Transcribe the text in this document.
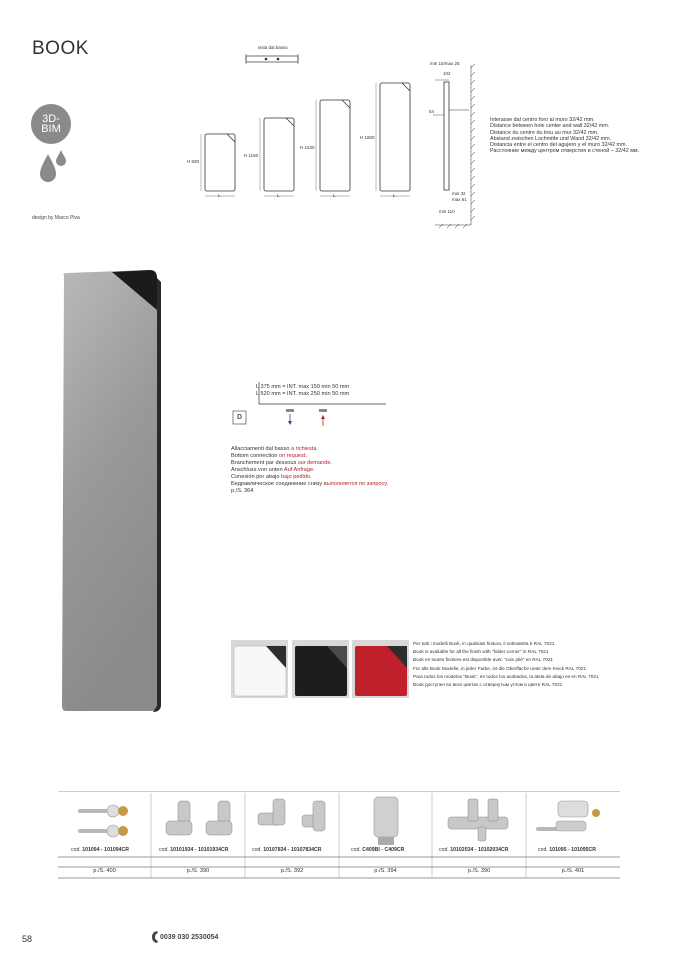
BOOK
3D-
BIM
design by Marco Piva
vista dal basso
H 830
H 1150
H 1530
H 1800
L	L	L	L
min 15/max 25
102
54
min 32
max 61
min 110
Interasse dal centro foro al muro 32/42 mm.
Distance between hole center and wall 32/42 mm.
Distance du centre du trou au mur 32/42 mm.
Abstand zwischen Lochmitte und Wand 32/42 mm.
Distancia entre el centro del agujero y el muro 32/42 mm.
Расстояние между центром отверстия и стеной – 32/42 мм.
L 375 mm = INT. max 150 min 50 mm
L 520 mm = INT. max 250 min 50 mm
D
Allacciamenti dal basso a richiesta.
Bottom connection on request.
Branchement par dessous sur demande.
Anschluss von unten Auf Anfrage.
Conexión por abajo bajo pedido.
Бедравлическое соединение снизу выполняется по запросу.
p./S. 364
Per tutti i modelli Book, in qualsiasi finitura, il sottoaletta è RAL 7021
Book is available for all the finish with "folder corner" in RAL 7021
Book en toutes finitions est disponible avec "coin plié" en RAL 7021
Für alle Book Modelle, in jeder Farbe, ist die Oberfläche unter dem Knick RAL 7021
Para todos los modelos "Book", en todos los acabados, la aleta de abajo es en RAL 7021
Book доступен во всех цветах с отвернутым углом в цвете RAL 7021
cod. 101094 - 101094CR	cod. 10101934 - 10101934CR	cod. 10107834 - 10107834CR	cod. C409BI - C409CR	cod. 10102034 - 10102034CR	cod. 101095 - 101095CR
p./S. 400	p./S. 390	p./S. 392	p./S. 394	p./S. 390	p./S. 401
58	0039 030 2530054
